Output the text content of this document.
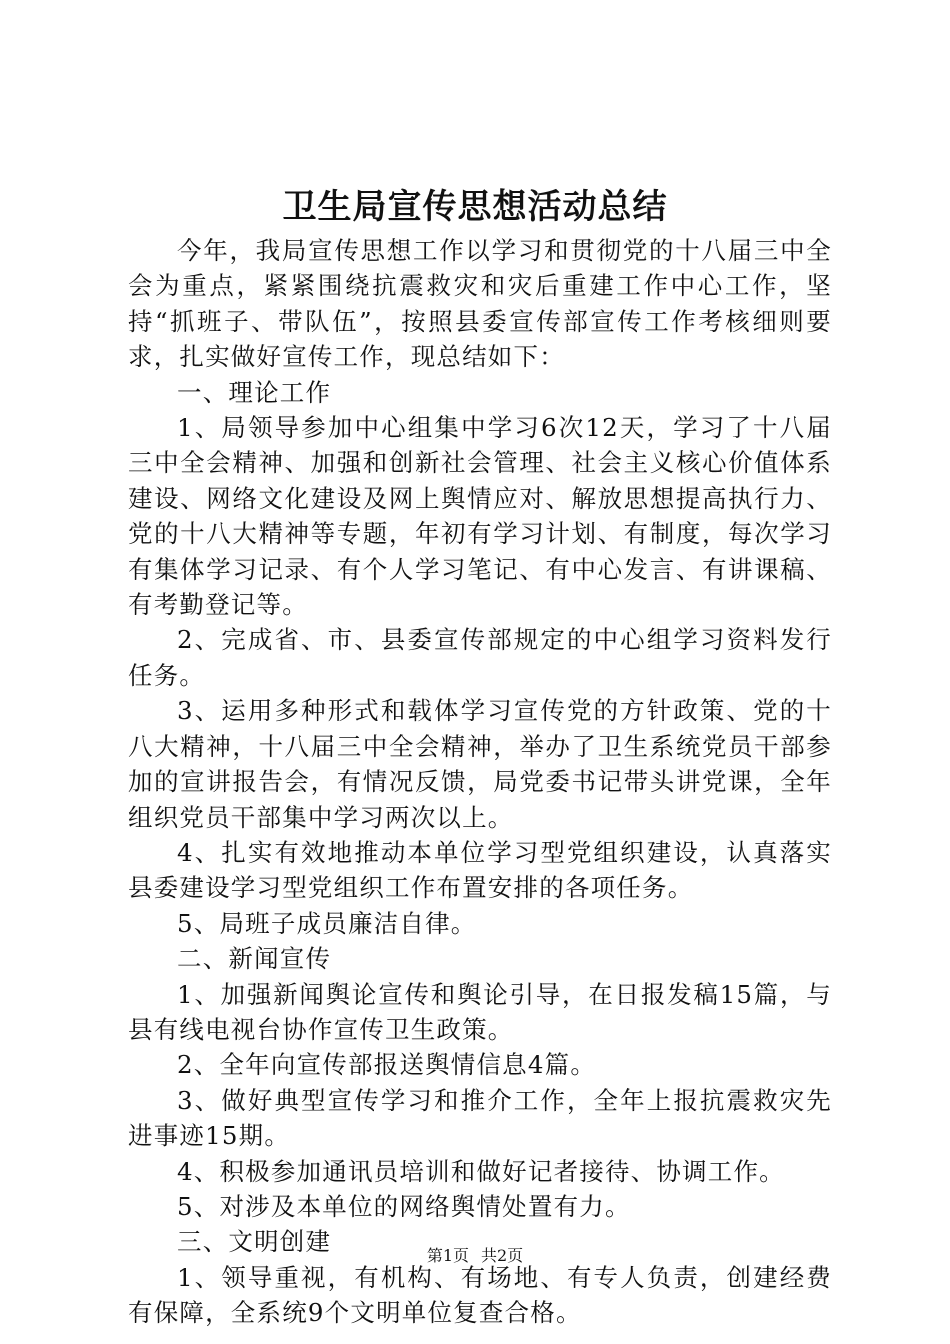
卫生局宣传思想活动总结

今年，我局宣传思想工作以学习和贯彻党的十八届三中全会为重点，紧紧围绕抗震救灾和灾后重建工作中心工作，坚持“抓班子、带队伍”，按照县委宣传部宣传工作考核细则要求，扎实做好宣传工作，现总结如下：

一、理论工作

1、局领导参加中心组集中学习6次12天，学习了十八届三中全会精神、加强和创新社会管理、社会主义核心价值体系建设、网络文化建设及网上舆情应对、解放思想提高执行力、党的十八大精神等专题，年初有学习计划、有制度，每次学习有集体学习记录、有个人学习笔记、有中心发言、有讲课稿、有考勤登记等。

2、完成省、市、县委宣传部规定的中心组学习资料发行任务。

3、运用多种形式和载体学习宣传党的方针政策、党的十八大精神，十八届三中全会精神，举办了卫生系统党员干部参加的宣讲报告会，有情况反馈，局党委书记带头讲党课，全年组织党员干部集中学习两次以上。

4、扎实有效地推动本单位学习型党组织建设，认真落实县委建设学习型党组织工作布置安排的各项任务。

5、局班子成员廉洁自律。

二、新闻宣传

1、加强新闻舆论宣传和舆论引导，在日报发稿15篇，与县有线电视台协作宣传卫生政策。

2、全年向宣传部报送舆情信息4篇。

3、做好典型宣传学习和推介工作，全年上报抗震救灾先进事迹15期。

4、积极参加通讯员培训和做好记者接待、协调工作。

5、对涉及本单位的网络舆情处置有力。

三、文明创建

1、领导重视，有机构、有场地、有专人负责，创建经费有保障，全系统9个文明单位复查合格。

第1页 共2页
